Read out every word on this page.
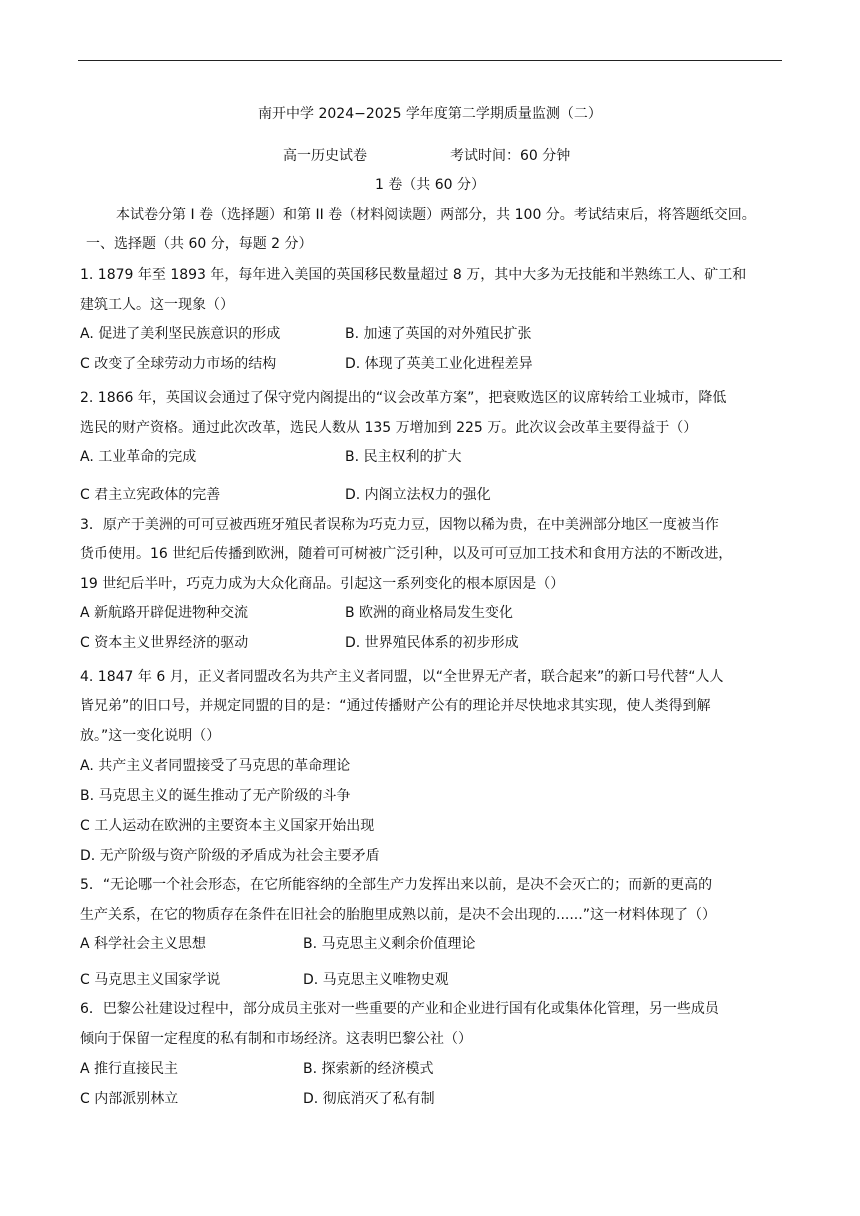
南开中学 2024−2025 学年度第二学期质量监测（二）
高一历史试卷	考试时间：60 分钟
1 卷（共 60 分）
本试卷分第 I 卷（选择题）和第 II 卷（材料阅读题）两部分，共 100 分。考试结束后，将答题纸交回。
一、选择题（共 60 分，每题 2 分）
1. 1879 年至 1893 年，每年进入美国的英国移民数量超过 8 万，其中大多为无技能和半熟练工人、矿工和
建筑工人。这一现象（）
A. 促进了美利坚民族意识的形成	B. 加速了英国的对外殖民扩张
C 改变了全球劳动力市场的结构	D. 体现了英美工业化进程差异
2. 1866 年，英国议会通过了保守党内阁提出的“议会改革方案”，把衰败选区的议席转给工业城市，降低
选民的财产资格。通过此次改革，选民人数从 135 万增加到 225 万。此次议会改革主要得益于（）
A. 工业革命的完成	B. 民主权利的扩大
C 君主立宪政体的完善	D. 内阁立法权力的强化
3．原产于美洲的可可豆被西班牙殖民者误称为巧克力豆，因物以稀为贵，在中美洲部分地区一度被当作
货币使用。16 世纪后传播到欧洲，随着可可树被广泛引种，以及可可豆加工技术和食用方法的不断改进，
19 世纪后半叶，巧克力成为大众化商品。引起这一系列变化的根本原因是（）
A 新航路开辟促进物种交流	B 欧洲的商业格局发生变化
C 资本主义世界经济的驱动	D. 世界殖民体系的初步形成
4. 1847 年 6 月，正义者同盟改名为共产主义者同盟，以“全世界无产者，联合起来”的新口号代替“人人
皆兄弟”的旧口号，并规定同盟的目的是：“通过传播财产公有的理论并尽快地求其实现，使人类得到解
放。”这一变化说明（）
A. 共产主义者同盟接受了马克思的革命理论
B. 马克思主义的诞生推动了无产阶级的斗争
C 工人运动在欧洲的主要资本主义国家开始出现
D. 无产阶级与资产阶级的矛盾成为社会主要矛盾
5．“无论哪一个社会形态，在它所能容纳的全部生产力发挥出来以前，是决不会灭亡的；而新的更高的
生产关系，在它的物质存在条件在旧社会的胎胞里成熟以前，是决不会出现的......”这一材料体现了（）
A 科学社会主义思想	B. 马克思主义剩余价值理论
C 马克思主义国家学说	D. 马克思主义唯物史观
6．巴黎公社建设过程中，部分成员主张对一些重要的产业和企业进行国有化或集体化管理，另一些成员
倾向于保留一定程度的私有制和市场经济。这表明巴黎公社（）
A 推行直接民主	B. 探索新的经济模式
C 内部派别林立	D. 彻底消灭了私有制
